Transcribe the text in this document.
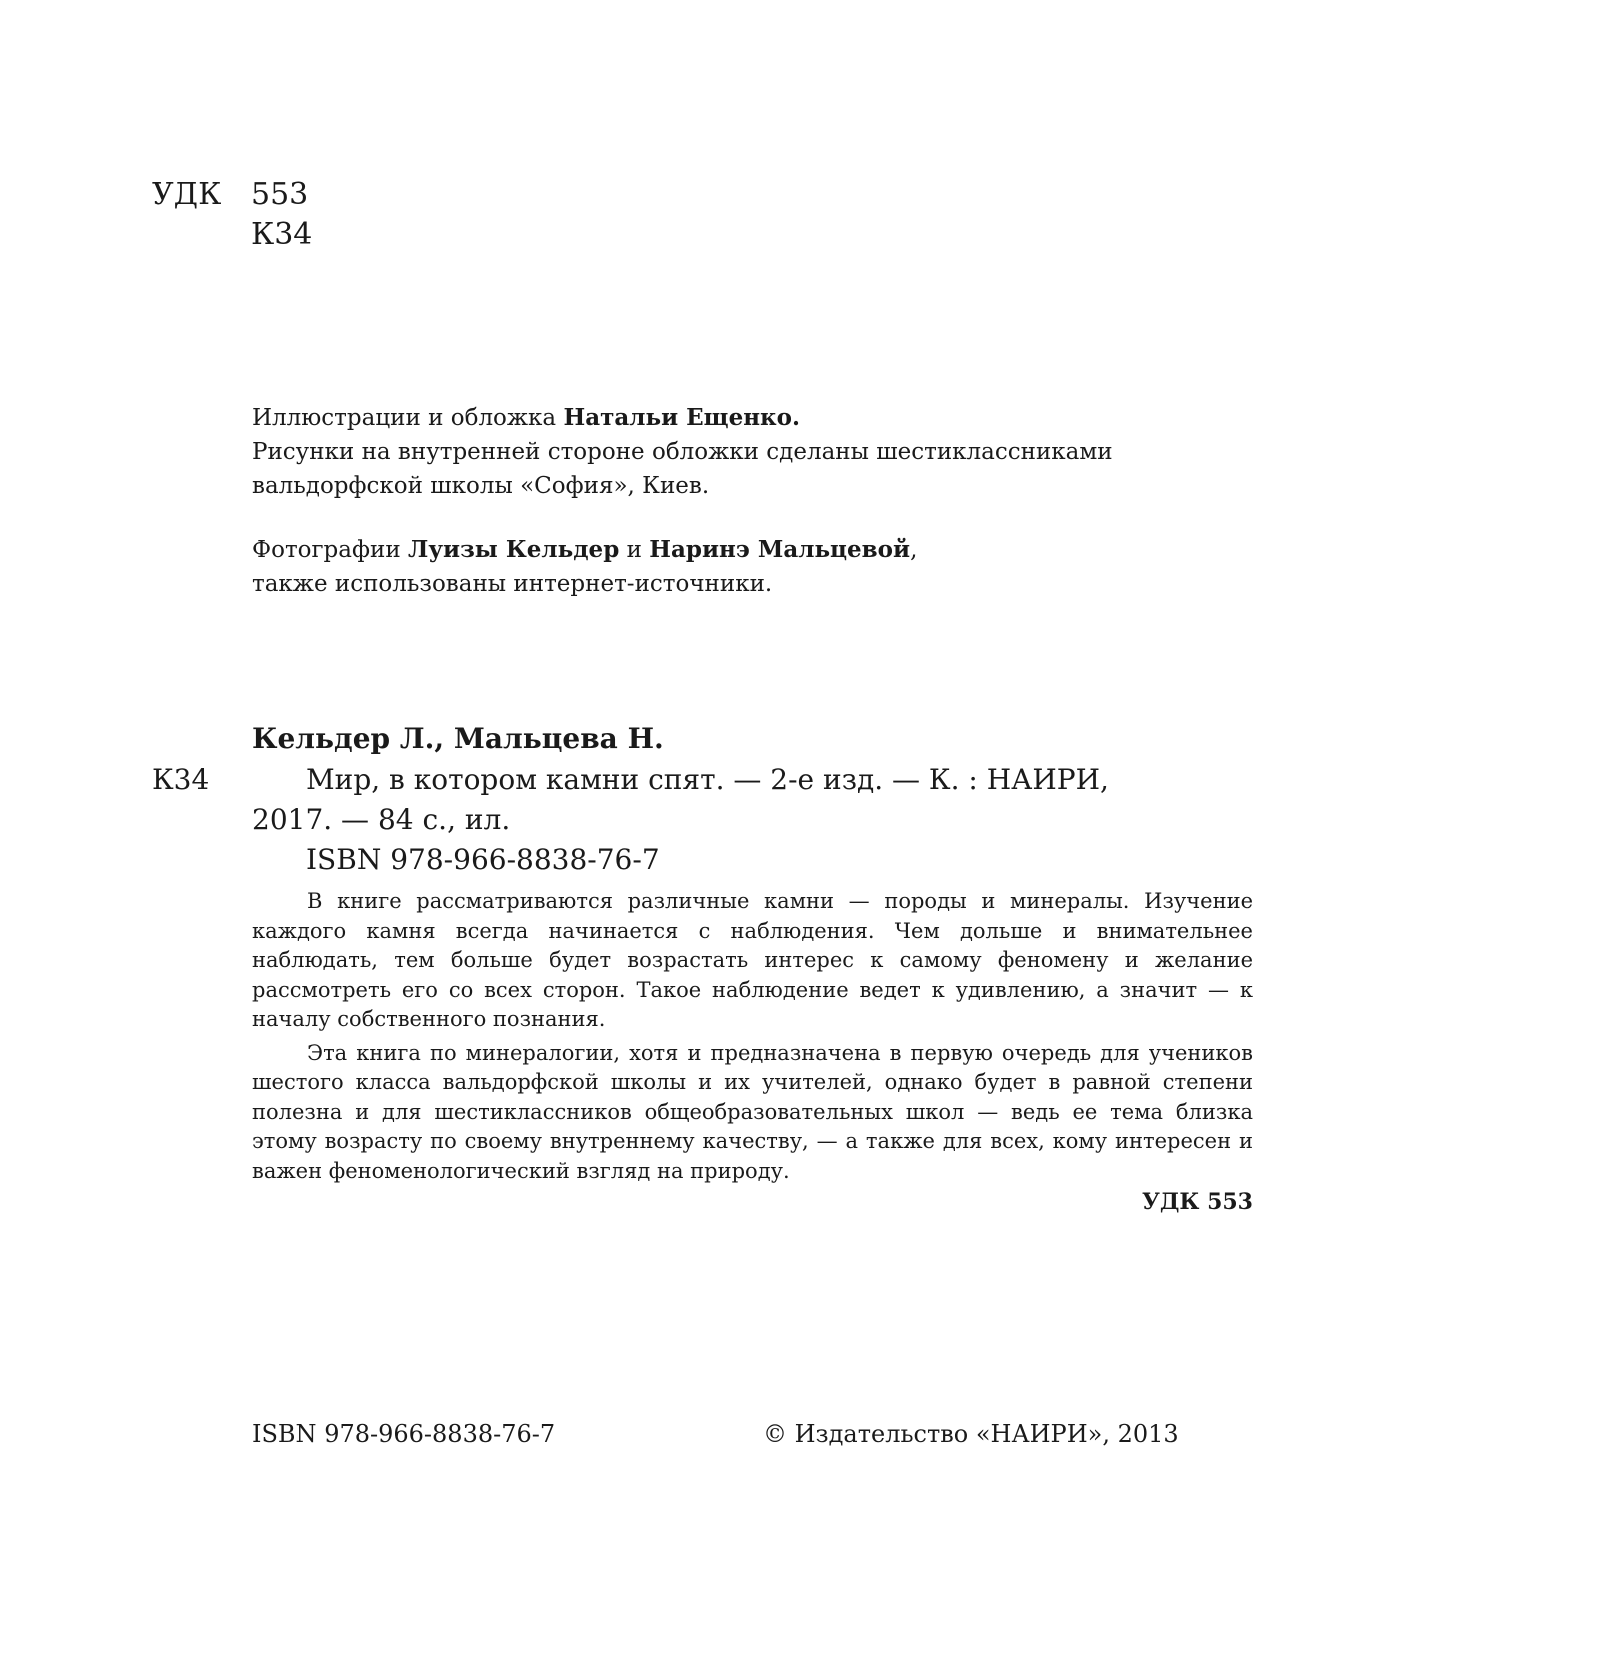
УДК 553
К34
Иллюстрации и обложка Натальи Ещенко.
Рисунки на внутренней стороне обложки сделаны шестиклассниками
вальдорфской школы «София», Киев.
Фотографии Луизы Кельдер и Наринэ Мальцевой,
также использованы интернет-источники.
Кельдер Л., Мальцева Н.
К34	Мир, в котором камни спят. — 2-е изд. — К. : НАИРИ,
2017. — 84 с., ил.
ISBN 978-966-8838-76-7

В книге рассматриваются различные камни — породы и минералы. Изучение каждого камня всегда начинается с наблюдения. Чем дольше и внимательнее наблюдать, тем больше будет возрастать интерес к самому феномену и желание рассмотреть его со всех сторон. Такое наблюдение ведет к удивлению, а значит — к началу собственного познания.

Эта книга по минералогии, хотя и предназначена в первую очередь для учеников шестого класса вальдорфской школы и их учителей, однако будет в равной степени полезна и для шестиклассников общеобразовательных школ — ведь ее тема близка этому возрасту по своему внутреннему качеству, — а также для всех, кому интересен и важен феноменологический взгляд на природу.

УДК 553
ISBN 978-966-8838-76-7	© Издательство «НАИРИ», 2013
